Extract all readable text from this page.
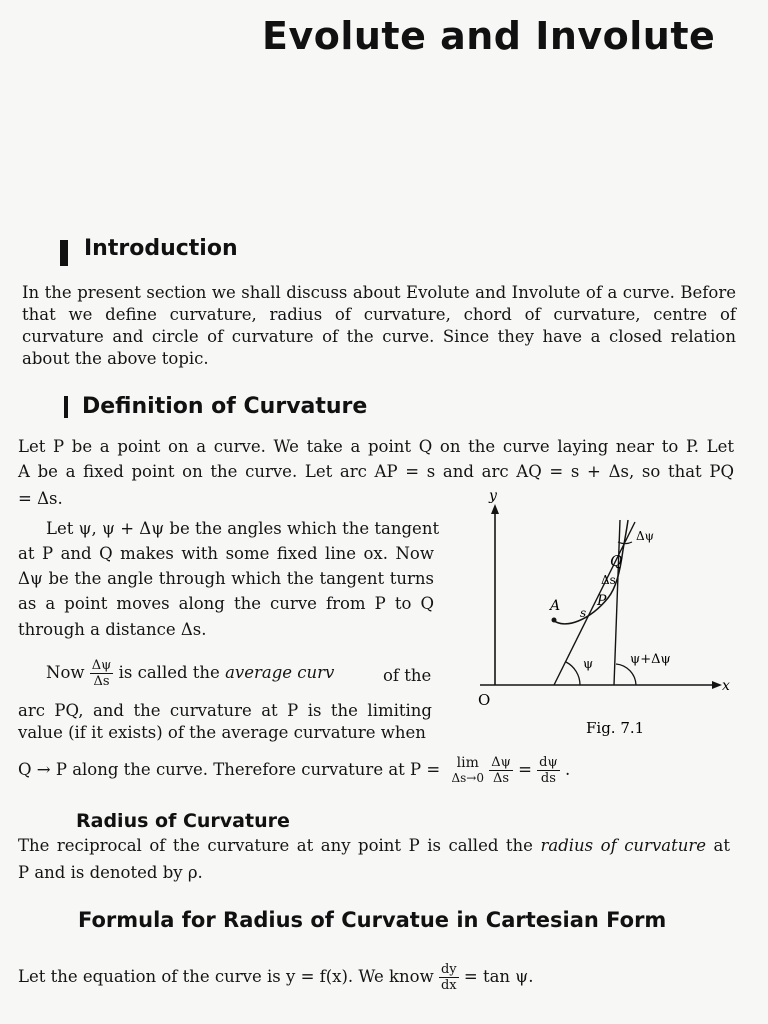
Evolute and Involute
Introduction
In the present section we shall discuss about Evolute and Involute of a curve. Before
that we define curvature, radius of curvature, chord of curvature, centre of
curvature and circle of curvature of the curve. Since they have a closed relation
about the above topic.
Definition of Curvature
Let P be a point on a curve. We take a point Q on the curve laying near to P. Let
A be a fixed point on the curve. Let arc AP = s and arc AQ = s + Δs, so that PQ
= Δs.
Let ψ, ψ + Δψ be the angles which the tangent
at P and Q makes with some fixed line ox. Now
Δψ be the angle through which the tangent turns
as a point moves along the curve from P to Q
through a distance Δs.
Now $\frac{\Delta\psi}{\Delta s}$ is called the average curv	of the
arc PQ, and the curvature at P is the limiting
value (if it exists) of the average curvature when
Q → P along the curve. Therefore curvature at P = lim
Δs→0
$\frac{\Delta\psi}{\Delta s} = \frac{d\psi}{ds}$ .
y
x
O
Δψ
Q
Δs
P
A s
ψ	ψ+Δψ
Fig. 7.1
Radius of Curvature
The reciprocal of the curvature at any point P is called the radius of curvature at
P and is denoted by ρ.
Formula for Radius of Curvatue in Cartesian Form
Let the equation of the curve is y = f(x). We know $\frac{dy}{dx} = \tan \psi$.
